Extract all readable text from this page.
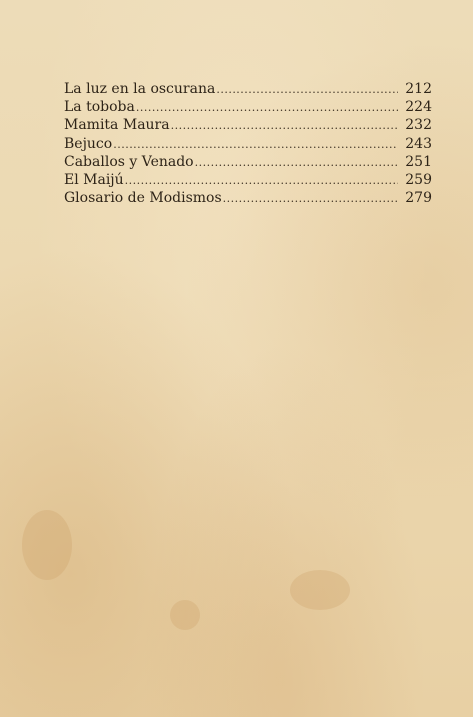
La luz en la oscurana .....	212
La toboba .....	224
Mamita Maura .....	232
Bejuco .....	243
Caballos y Venado .....	251
El Maijú .....	259
Glosario de Modismos .....	279
